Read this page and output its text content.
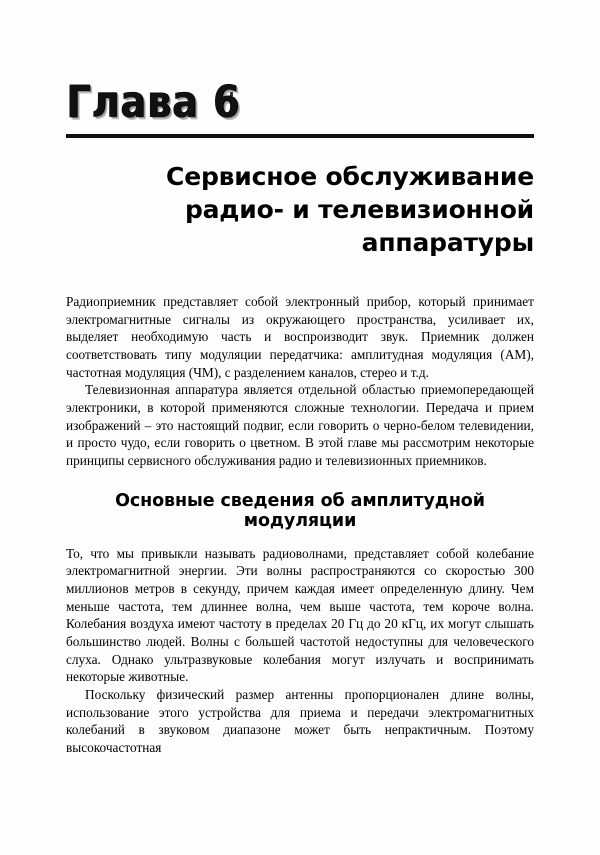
Глава 6
Сервисное обслуживание
радио- и телевизионной
аппаратуры

Радиоприемник представляет собой электронный прибор, который принимает электромагнитные сигналы из окружающего пространства, усиливает их, выделяет необходимую часть и воспроизводит звук. Приемник должен соответствовать типу модуляции передатчика: амплитудная модуляция (АМ), частотная модуляция (ЧМ), с разделением каналов, стерео и т.д.

Телевизионная аппаратура является отдельной областью приемопередающей электроники, в которой применяются сложные технологии. Передача и прием изображений – это настоящий подвиг, если говорить о черно-белом телевидении, и просто чудо, если говорить о цветном. В этой главе мы рассмотрим некоторые принципы сервисного обслуживания радио и телевизионных приемников.

Основные сведения об амплитудной модуляции

То, что мы привыкли называть радиоволнами, представляет собой колебание электромагнитной энергии. Эти волны распространяются со скоростью 300 миллионов метров в секунду, причем каждая имеет определенную длину. Чем меньше частота, тем длиннее волна, чем выше частота, тем короче волна. Колебания воздуха имеют частоту в пределах 20 Гц до 20 кГц, их могут слышать большинство людей. Волны с большей частотой недоступны для человеческого слуха. Однако ультразвуковые колебания могут излучать и воспринимать некоторые животные.

Поскольку физический размер антенны пропорционален длине волны, использование этого устройства для приема и передачи электромагнитных колебаний в звуковом диапазоне может быть непрактичным. Поэтому высокочастотная
